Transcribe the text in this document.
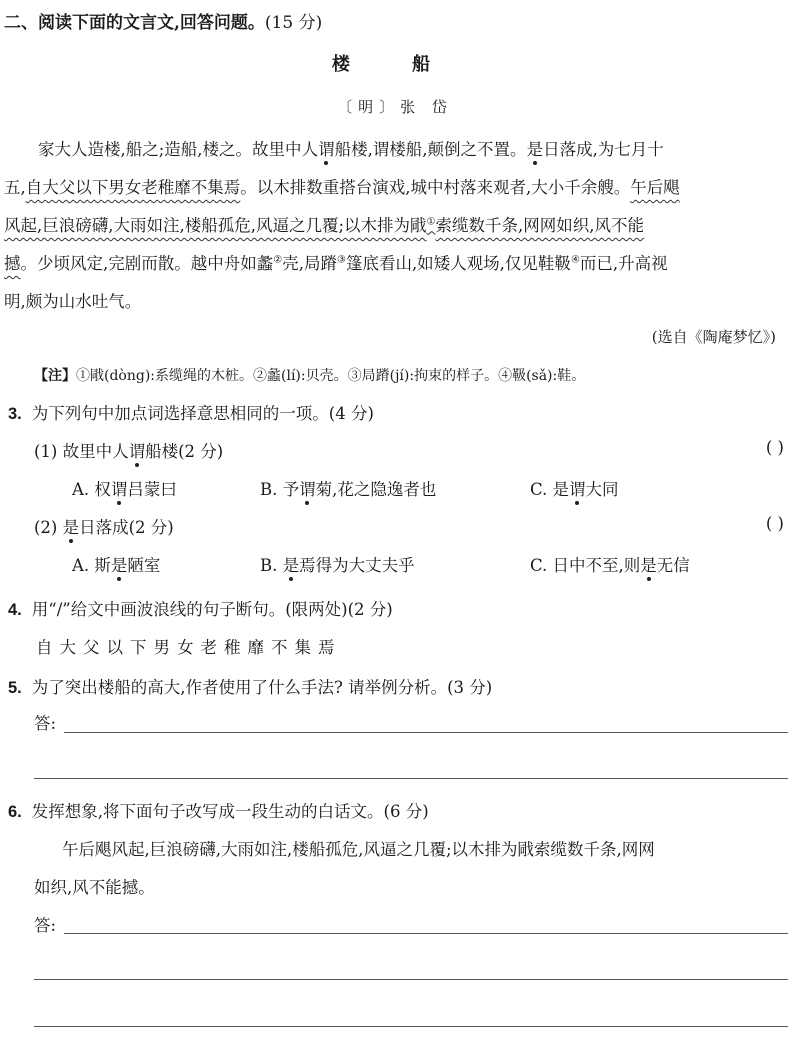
二、阅读下面的文言文,回答问题。(15 分)
楼 船
〔明〕张 岱
家大人造楼,船之;造船,楼之。故里中人谓船楼,谓楼船,颠倒之不置。是日落成,为七月十
五,自大父以下男女老稚靡不集焉。以木排数重搭台演戏,城中村落来观者,大小千余艘。午后飓
风起,巨浪磅礴,大雨如注,楼船孤危,风逼之几覆;以木排为戙①索缆数千条,网网如织,风不能
撼。少顷风定,完剧而散。越中舟如蠡②壳,局蹐③篷底看山,如矮人观场,仅见鞋靸④而已,升高视
明,颇为山水吐气。
(选自《陶庵梦忆》)
【注】①戙(dòng):系缆绳的木桩。②蠡(lí):贝壳。③局蹐(jí):拘束的样子。④靸(sǎ):鞋。
3. 为下列句中加点词选择意思相同的一项。(4 分)
(1) 故里中人谓船楼(2 分)	( )
A. 权谓吕蒙曰	B. 予谓菊,花之隐逸者也	C. 是谓大同
(2) 是日落成(2 分)	( )
A. 斯是陋室	B. 是焉得为大丈夫乎	C. 日中不至,则是无信
4. 用“/”给文中画波浪线的句子断句。(限两处)(2 分)
自大父以下男女老稚靡不集焉
5. 为了突出楼船的高大,作者使用了什么手法? 请举例分析。(3 分)
答:
6. 发挥想象,将下面句子改写成一段生动的白话文。(6 分)
午后飓风起,巨浪磅礴,大雨如注,楼船孤危,风逼之几覆;以木排为戙索缆数千条,网网
如织,风不能撼。
答:
